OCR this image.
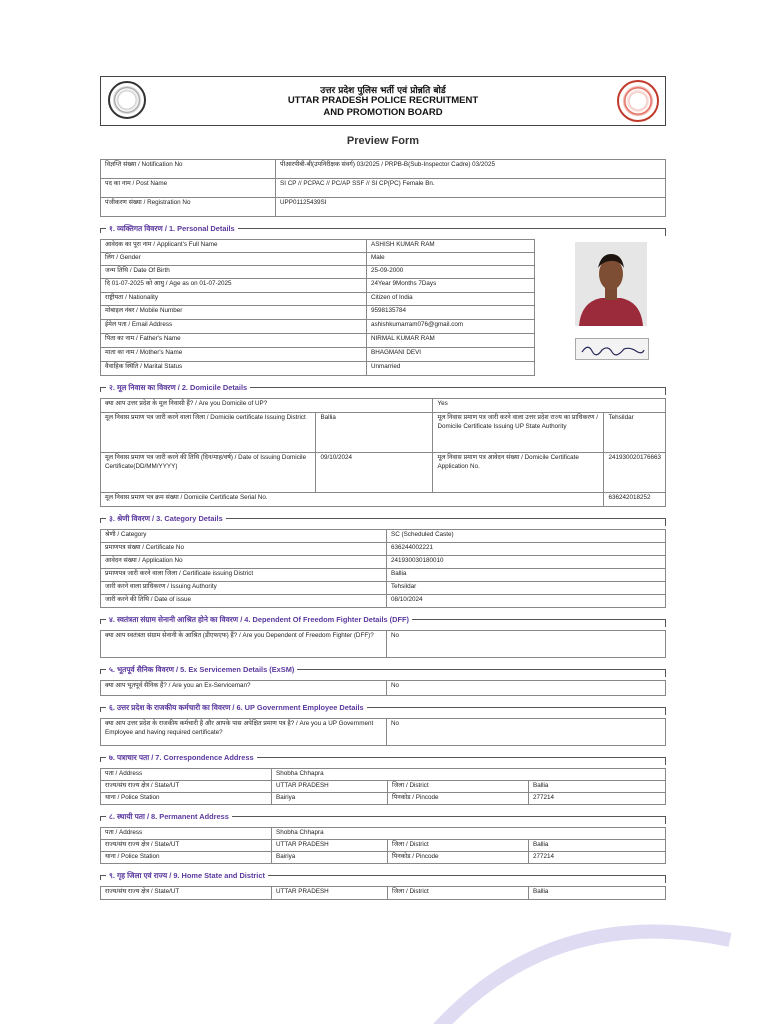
उत्तर प्रदेश पुलिस भर्ती एवं प्रोन्नति बोर्ड
UTTAR PRADESH POLICE RECRUITMENT
AND PROMOTION BOARD
Preview Form
विज्ञप्ति संख्या / Notification No	पीआरपीबी-बी(उपनिरीक्षक संवर्ग) 03/2025 / PRPB-B(Sub-Inspector Cadre) 03/2025
पद का नाम / Post Name	SI CP // PCPAC // PC/AP SSF // SI CP(PC) Female Bn.
पंजीकरण संख्या / Registration No	UPP01125439SI
१. व्यक्तिगत विवरण / 1. Personal Details
आवेदक का पूरा नाम / Applicant's Full Name	ASHISH KUMAR RAM
लिंग / Gender	Male
जन्म तिथि / Date Of Birth	25-09-2000
दि 01-07-2025 को आयु / Age as on 01-07-2025	24Year 9Months 7Days
राष्ट्रीयता / Nationality	Citizen of India
मोबाइल नंबर / Mobile Number	9598135784
ईमेल पता / Email Address	ashishkumarram076@gmail.com
पिता का नाम / Father's Name	NIRMAL KUMAR RAM
माता का नाम / Mother's Name	BHAGMANI DEVI
वैवाहिक स्थिति / Marital Status	Unmarried
२. मूल निवास का विवरण / 2. Domicile Details
क्या आप उत्तर प्रदेश के मूल निवासी हैं? / Are you Domicile of UP?		Yes	
मूल निवास प्रमाण पत्र जारी करने वाला जिला / Domicile certificate Issuing District	Ballia	मूल निवास प्रमाण पत्र जारी करने वाला उत्तर प्रदेश राज्य का प्राधिकरण / Domicile Certificate Issuing UP State Authority	Tehsildar
मूल निवास प्रमाण पत्र जारी करने की तिथि (दिन/माह/वर्ष) / Date of Issuing Domicile Certificate(DD/MM/YYYY)	09/10/2024	मूल निवास प्रमाण पत्र आवेदन संख्या / Domicile Certificate Application No.	241930020176663
मूल निवास प्रमाण पत्र क्रम संख्या / Domicile Certificate Serial No.			636242018252
३. श्रेणी विवरण / 3. Category Details
श्रेणी / Category	SC (Scheduled Caste)
प्रमाणपत्र संख्या / Certificate No	636244002221
आवेदन संख्या / Application No	241930030180010
प्रमाणपत्र जारी करने वाला जिला / Certificate issuing District	Ballia
जारी करने वाला प्राधिकरण / Issuing Authority	Tehsildar
जारी करने की तिथि / Date of issue	08/10/2024
४. स्वतंत्रता संग्राम सेनानी आश्रित होने का विवरण / 4. Dependent Of Freedom Fighter Details (DFF)
क्या आप स्वतंत्रता संग्राम सेनानी के आश्रित (डीएफएफ) हैं? / Are you Dependent of Freedom Fighter (DFF)?	No
५. भूतपूर्व सैनिक विवरण / 5. Ex Servicemen Details (ExSM)
क्या आप भूतपूर्व सैनिक हैं? / Are you an Ex-Serviceman?	No
६. उत्तर प्रदेश के राजकीय कर्मचारी का विवरण / 6. UP Government Employee Details
क्या आप उत्तर प्रदेश के राजकीय कर्मचारी है और आपके पास अपेक्षित प्रमाण पत्र है? / Are you a UP Government Employee and having required certificate?	No
७. पत्राचार पता / 7. Correspondence Address
पता / Address	Shobha Chhapra		
राज्य/संघ राज्य क्षेत्र / State/UT	UTTAR PRADESH	जिला / District	Ballia
थाना / Police Station	Bairiya	पिनकोड / Pincode	277214
८. स्थायी पता / 8. Permanent Address
पता / Address	Shobha Chhapra		
राज्य/संघ राज्य क्षेत्र / State/UT	UTTAR PRADESH	जिला / District	Ballia
थाना / Police Station	Bairiya	पिनकोड / Pincode	277214
९. गृह जिला एवं राज्य / 9. Home State and District
राज्य/संघ राज्य क्षेत्र / State/UT	UTTAR PRADESH	जिला / District	Ballia
